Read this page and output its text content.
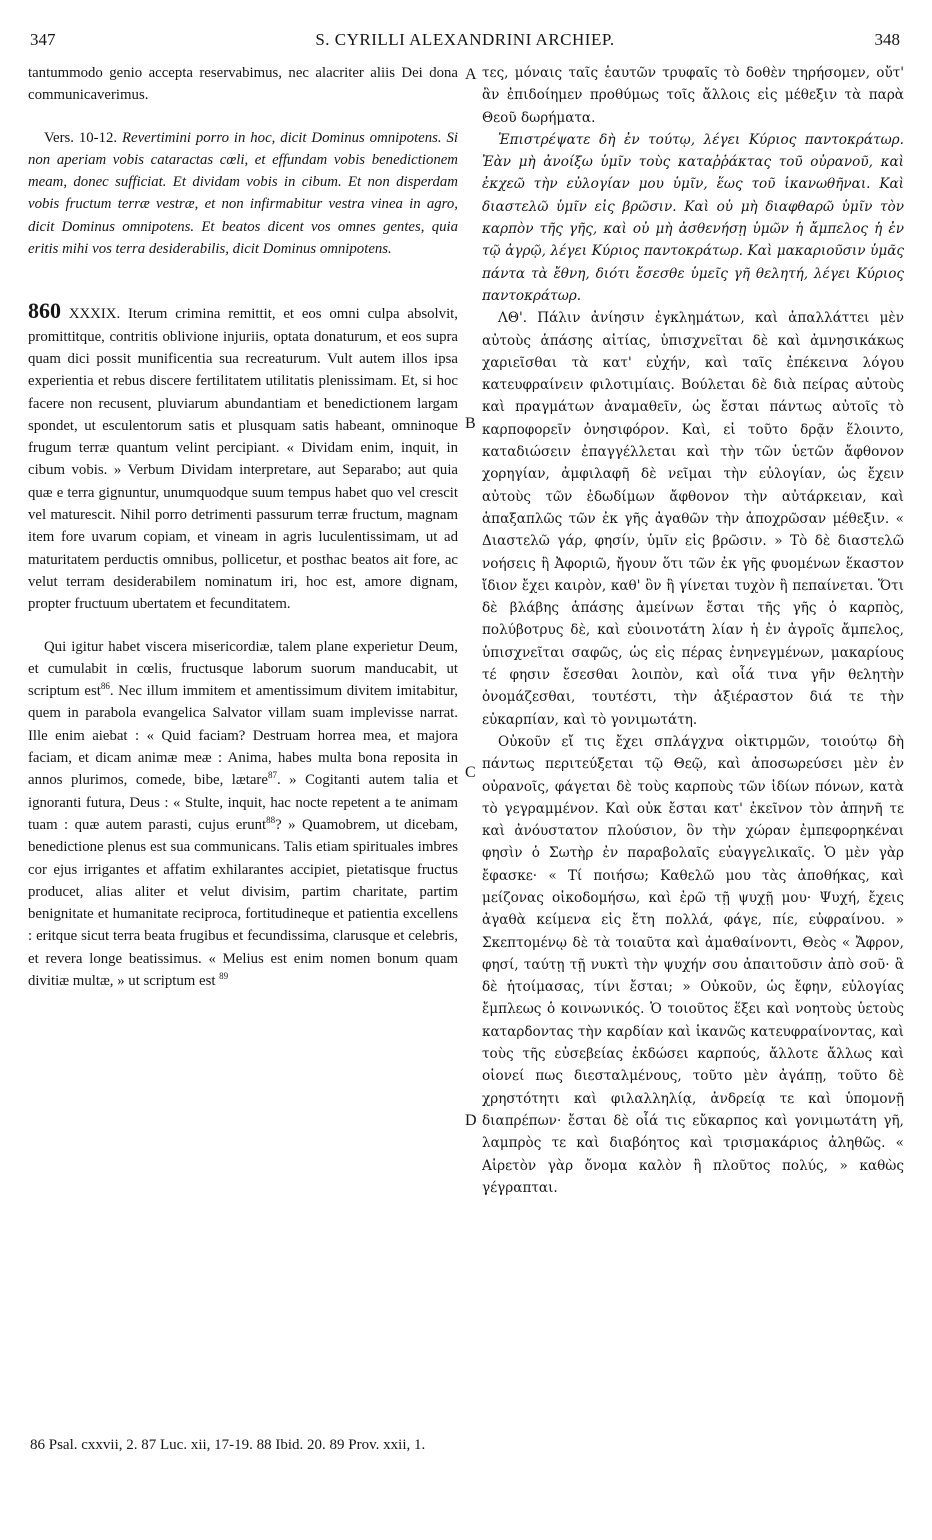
347	S. CYRILLI ALEXANDRINI ARCHIEP.	348

tantummodo genio accepta reservabimus, nec alacriter aliis Dei dona communicaverimus.

Vers. 10-12. Revertimini porro in hoc, dicit Dominus omnipotens. Si non aperiam vobis cataractas cœli, et effundam vobis benedictionem meam, donec sufficiat. Et dividam vobis in cibum. Et non disperdam vobis fructum terræ vestræ, et non infirmabitur vestra vinea in agro, dicit Dominus omnipotens. Et beatos dicent vos omnes gentes, quia eritis mihi vos terra desiderabilis, dicit Dominus omnipotens.

860 XXXIX. Iterum crimina remittit, et eos omni culpa absolvit, promittitque, contritis oblivione injuriis, optata donaturum, et eos supra quam dici possit munificentia sua recreaturum. Vult autem illos ipsa experientia et rebus discere fertilitatem utilitatis plenissimam. Et, si hoc facere non recusent, pluviarum abundantiam et benedictionem largam spondet, ut esculentorum satis et plusquam satis habeant, omninoque frugum terræ quantum velint percipiant. « Dividam enim, inquit, in cibum vobis. » Verbum Dividam interpretare, aut Separabo; aut quia quæ e terra gignuntur, unumquodque suum tempus habet quo vel crescit vel maturescit. Nihil porro detrimenti passurum terræ fructum, magnam item fore uvarum copiam, et vineam in agris luculentissimam, ut ad maturitatem perductis omnibus, pollicetur, et posthac beatos ait fore, ac velut terram desiderabilem nominatum iri, hoc est, amore dignam, propter fructuum ubertatem et fecunditatem.

Qui igitur habet viscera misericordiæ, talem plane experietur Deum, et cumulabit in cœlis, fructusque laborum suorum manducabit, ut scriptum est$^{86}$. Nec illum immitem et amentissimum divitem imitabitur, quem in parabola evangelica Salvator villam suam implevisse narrat. Ille enim aiebat : « Quid faciam? Destruam horrea mea, et majora faciam, et dicam animæ meæ : Anima, habes multa bona reposita in annos plurimos, comede, bibe, lætare$^{87}$. » Cogitanti autem talia et ignoranti futura, Deus : « Stulte, inquit, hac nocte repetent a te animam tuam : quæ autem parasti, cujus erunt$^{88}$? » Quamobrem, ut dicebam, benedictione plenus est sua communicans. Talis etiam spirituales imbres cor ejus irrigantes et affatim exhilarantes accipiet, pietatisque fructus producet, alias aliter et velut divisim, partim charitate, partim benignitate et humanitate reciproca, fortitudineque et patientia excellens : eritque sicut terra beata frugibus et fecundissima, clarusque et celebris, et revera longe beatissimus. « Melius est enim nomen bonum quam divitiæ multæ, » ut scriptum est $^{89}$

A
B
C
D

τες, μόναις ταῖς ἑαυτῶν τρυφαῖς τὸ δοθὲν τηρήσομεν, οὔτ' ἂν ἐπιδοίημεν προθύμως τοῖς ἄλλοις εἰς μέθεξιν τὰ παρὰ Θεοῦ δωρήματα.

Ἐπιστρέψατε δὴ ἐν τούτῳ, λέγει Κύριος παντοκράτωρ. Ἐὰν μὴ ἀνοίξω ὑμῖν τοὺς καταῤῥάκτας τοῦ οὐρανοῦ, καὶ ἐκχεῶ τὴν εὐλογίαν μου ὑμῖν, ἕως τοῦ ἱκανωθῆναι. Καὶ διαστελῶ ὑμῖν εἰς βρῶσιν. Καὶ οὐ μὴ διαφθαρῶ ὑμῖν τὸν καρπὸν τῆς γῆς, καὶ οὐ μὴ ἀσθενήσῃ ὑμῶν ἡ ἄμπελος ἡ ἐν τῷ ἀγρῷ, λέγει Κύριος παντοκράτωρ. Καὶ μακαριοῦσιν ὑμᾶς πάντα τὰ ἔθνη, διότι ἔσεσθε ὑμεῖς γῆ θελητή, λέγει Κύριος παντοκράτωρ.

ΛΘ'. Πάλιν ἀνίησιν ἐγκλημάτων, καὶ ἀπαλλάττει μὲν αὐτοὺς ἁπάσης αἰτίας, ὑπισχνεῖται δὲ καὶ ἀμνησικάκως χαριεῖσθαι τὰ κατ' εὐχήν, καὶ ταῖς ἐπέκεινα λόγου κατευφραίνειν φιλοτιμίαις. Βούλεται δὲ διὰ πείρας αὐτοὺς καὶ πραγμάτων ἀναμαθεῖν, ὡς ἔσται πάντως αὐτοῖς τὸ καρποφορεῖν ὀνησιφόρον. Καὶ, εἰ τοῦτο δρᾷν ἕλοιντο, καταδιώσειν ἐπαγγέλλεται καὶ τὴν τῶν ὑετῶν ἄφθονον χορηγίαν, ἀμφιλαφῆ δὲ νεῖμαι τὴν εὐλογίαν, ὡς ἔχειν αὐτοὺς τῶν ἐδωδίμων ἄφθονον τὴν αὐτάρκειαν, καὶ ἁπαξαπλῶς τῶν ἐκ γῆς ἀγαθῶν τὴν ἀποχρῶσαν μέθεξιν. « Διαστελῶ γάρ, φησίν, ὑμῖν εἰς βρῶσιν. » Τὸ δὲ διαστελῶ νοήσεις ἢ Ἀφοριῶ, ἤγουν ὅτι τῶν ἐκ γῆς φυομένων ἕκαστον ἴδιον ἔχει καιρὸν, καθ' ὃν ἢ γίνεται τυχὸν ἢ πεπαίνεται. Ὅτι δὲ βλάβης ἁπάσης ἀμείνων ἔσται τῆς γῆς ὁ καρπὸς, πολύβοτρυς δὲ, καὶ εὐοινοτάτη λίαν ἡ ἐν ἀγροῖς ἄμπελος, ὑπισχνεῖται σαφῶς, ὡς εἰς πέρας ἐνηνεγμένων, μακαρίους τέ φησιν ἔσεσθαι λοιπὸν, καὶ οἷά τινα γῆν θελητὴν ὀνομάζεσθαι, τουτέστι, τὴν ἀξιέραστον διά τε τὴν εὐκαρπίαν, καὶ τὸ γονιμωτάτη.

Οὐκοῦν εἴ τις ἔχει σπλάγχνα οἰκτιρμῶν, τοιούτῳ δὴ πάντως περιτεύξεται τῷ Θεῷ, καὶ ἀποσωρεύσει μὲν ἐν οὐρανοῖς, φάγεται δὲ τοὺς καρποὺς τῶν ἰδίων πόνων, κατὰ τὸ γεγραμμένον. Καὶ οὐκ ἔσται κατ' ἐκεῖνον τὸν ἀπηνῆ τε καὶ ἀνόυστατον πλούσιον, ὃν τὴν χώραν ἐμπεφορηκέναι φησὶν ὁ Σωτὴρ ἐν παραβολαῖς εὐαγγελικαῖς. Ὁ μὲν γὰρ ἔφασκε· « Τί ποιήσω; Καθελῶ μου τὰς ἀποθήκας, καὶ μείζονας οἰκοδομήσω, καὶ ἐρῶ τῇ ψυχῇ μου· Ψυχή, ἔχεις ἀγαθὰ κείμενα εἰς ἔτη πολλά, φάγε, πίε, εὐφραίνου. » Σκεπτομένῳ δὲ τὰ τοιαῦτα καὶ ἀμαθαίνοντι, Θεὸς « Ἄφρον, φησί, ταύτῃ τῇ νυκτὶ τὴν ψυχήν σου ἀπαιτοῦσιν ἀπὸ σοῦ· ἃ δὲ ἡτοίμασας, τίνι ἔσται; » Οὐκοῦν, ὡς ἔφην, εὐλογίας ἔμπλεως ὁ κοινωνικός. Ὁ τοιοῦτος ἕξει καὶ νοητοὺς ὑετοὺς καταρδοντας τὴν καρδίαν καὶ ἱκανῶς κατευφραίνοντας, καὶ τοὺς τῆς εὐσεβείας ἐκδώσει καρπούς, ἄλλοτε ἄλλως καὶ οἱονεί πως διεσταλμένους, τοῦτο μὲν ἀγάπῃ, τοῦτο δὲ χρηστότητι καὶ φιλαλληλίᾳ, ἀνδρείᾳ τε καὶ ὑπομονῇ διαπρέπων· ἔσται δὲ οἷά τις εὔκαρπος καὶ γονιμωτάτη γῆ, λαμπρὸς τε καὶ διαβόητος καὶ τρισμακάριος ἀληθῶς. « Αἱρετὸν γὰρ ὄνομα καλὸν ἢ πλοῦτος πολύς, » καθὼς γέγραπται.

86 Psal. cxxvii, 2. 87 Luc. xii, 17-19. 88 Ibid. 20. 89 Prov. xxii, 1.
